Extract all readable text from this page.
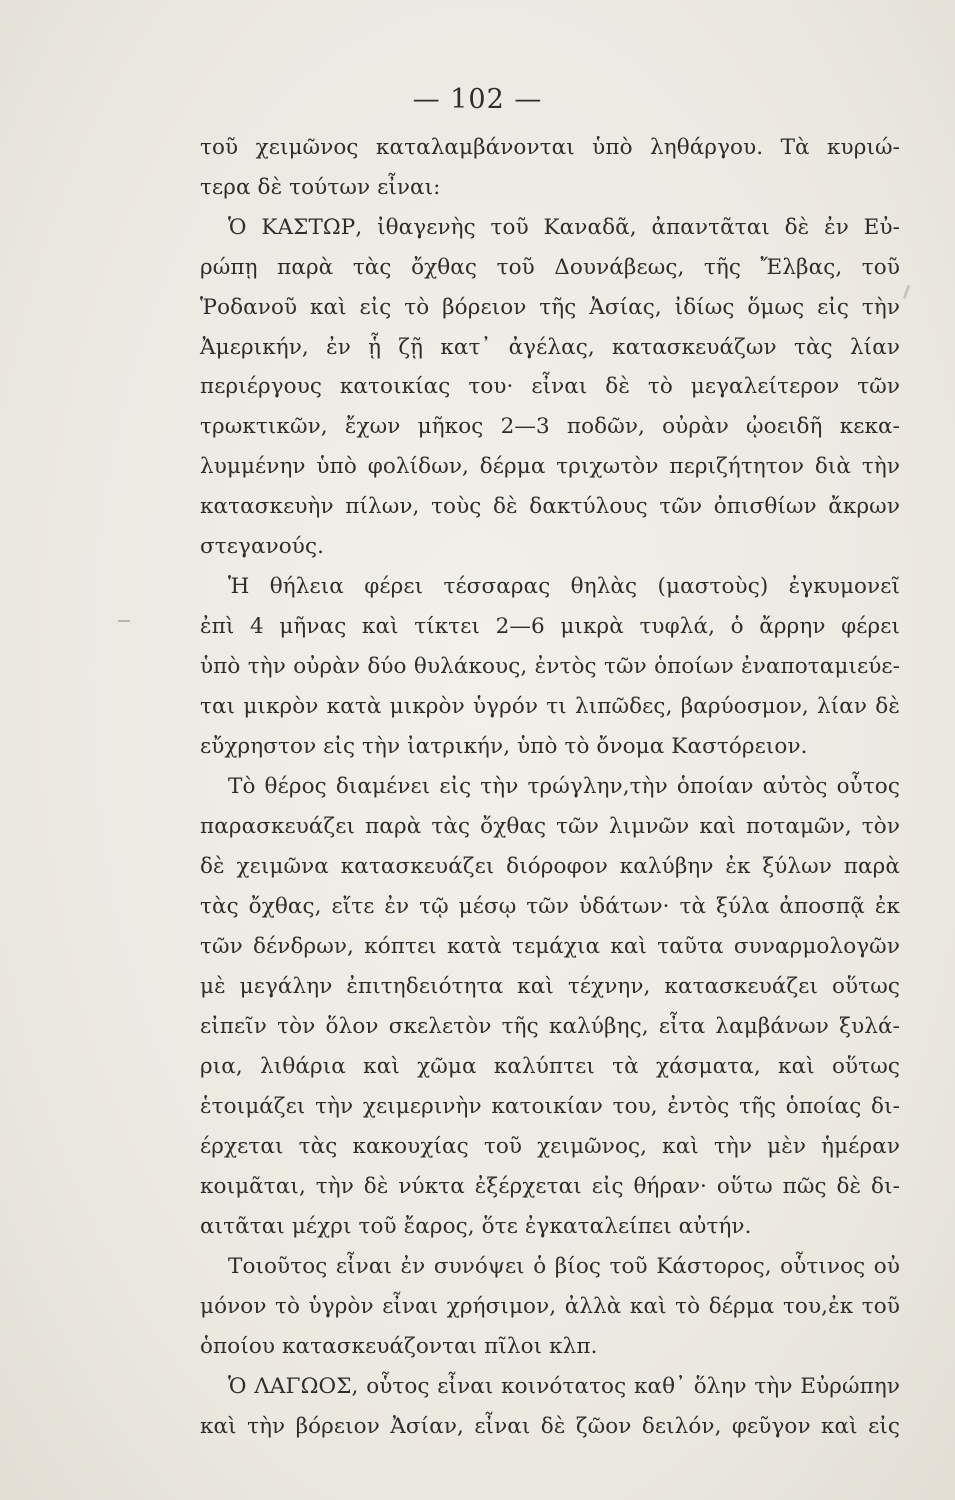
— 102 —
τοῦ χειμῶνος καταλαμβάνονται ὑπὸ ληθάργου. Τὰ κυριώ-
τερα δὲ τούτων εἶναι:
Ὁ ΚΑΣΤΩΡ, ἰθαγενὴς τοῦ Καναδᾶ, ἀπαντᾶται δὲ ἐν Εὐ-
ρώπῃ παρὰ τὰς ὄχθας τοῦ Δουνάβεως, τῆς Ἔλβας, τοῦ
Ῥοδανοῦ καὶ εἰς τὸ βόρειον τῆς Ἀσίας, ἰδίως ὅμως εἰς τὴν
Ἀμερικήν, ἐν ᾗ ζῇ κατ᾽ ἀγέλας, κατασκευάζων τὰς λίαν
περιέργους κατοικίας του· εἶναι δὲ τὸ μεγαλείτερον τῶν
τρωκτικῶν, ἔχων μῆκος 2—3 ποδῶν, οὐρὰν ᾠοειδῆ κεκα-
λυμμένην ὑπὸ φολίδων, δέρμα τριχωτὸν περιζήτητον διὰ τὴν
κατασκευὴν πίλων, τοὺς δὲ δακτύλους τῶν ὀπισθίων ἄκρων
στεγανούς.
Ἡ θήλεια φέρει τέσσαρας θηλὰς (μαστοὺς) ἐγκυμονεῖ
ἐπὶ 4 μῆνας καὶ τίκτει 2—6 μικρὰ τυφλά, ὁ ἄρρην φέρει
ὑπὸ τὴν οὐρὰν δύο θυλάκους, ἐντὸς τῶν ὁποίων ἐναποταμιεύε-
ται μικρὸν κατὰ μικρὸν ὑγρόν τι λιπῶδες, βαρύοσμον, λίαν δὲ
εὔχρηστον εἰς τὴν ἰατρικήν, ὑπὸ τὸ ὄνομα Καστόρειον.
Τὸ θέρος διαμένει εἰς τὴν τρώγλην,τὴν ὁποίαν αὐτὸς οὗτος
παρασκευάζει παρὰ τὰς ὄχθας τῶν λιμνῶν καὶ ποταμῶν, τὸν
δὲ χειμῶνα κατασκευάζει διόροφον καλύβην ἐκ ξύλων παρὰ
τὰς ὄχθας, εἴτε ἐν τῷ μέσῳ τῶν ὑδάτων· τὰ ξύλα ἀποσπᾷ ἐκ
τῶν δένδρων, κόπτει κατὰ τεμάχια καὶ ταῦτα συναρμολογῶν
μὲ μεγάλην ἐπιτηδειότητα καὶ τέχνην, κατασκευάζει οὕτως
εἰπεῖν τὸν ὅλον σκελετὸν τῆς καλύβης, εἶτα λαμβάνων ξυλά-
ρια, λιθάρια καὶ χῶμα καλύπτει τὰ χάσματα, καὶ οὕτως
ἑτοιμάζει τὴν χειμερινὴν κατοικίαν του, ἐντὸς τῆς ὁποίας δι-
έρχεται τὰς κακουχίας τοῦ χειμῶνος, καὶ τὴν μὲν ἡμέραν
κοιμᾶται, τὴν δὲ νύκτα ἐξέρχεται εἰς θήραν· οὕτω πῶς δὲ δι-
αιτᾶται μέχρι τοῦ ἔαρος, ὅτε ἐγκαταλείπει αὐτήν.
Τοιοῦτος εἶναι ἐν συνόψει ὁ βίος τοῦ Κάστορος, οὗτινος οὐ
μόνον τὸ ὑγρὸν εἶναι χρήσιμον, ἀλλὰ καὶ τὸ δέρμα του,ἐκ τοῦ
ὁποίου κατασκευάζονται πῖλοι κλπ.
Ὁ ΛΑΓΩΟΣ, οὗτος εἶναι κοινότατος καθ᾽ ὅλην τὴν Εὐρώπην
καὶ τὴν βόρειον Ἀσίαν, εἶναι δὲ ζῶον δειλόν, φεῦγον καὶ εἰς
